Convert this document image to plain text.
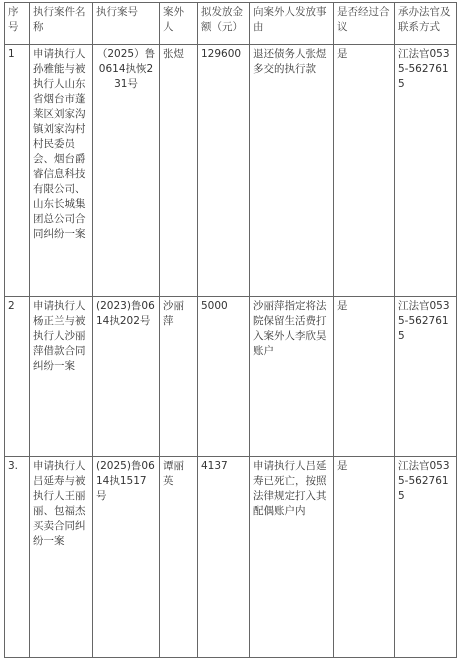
序号	执行案件名称	执行案号	案外人	拟发放金额（元）	向案外人发放事由	是否经过合议	承办法官及联系方式
1	申请执行人孙雅能与被执行人山东省烟台市蓬莱区刘家沟镇刘家沟村村民委员会、烟台爵睿信息科技有限公司、山东长城集团总公司合同纠纷一案	（2025）鲁0614执恢231号	张煜	129600	退还债务人张煜多交的执行款	是	江法官0535-5627615
2	申请执行人杨正兰与被执行人沙丽萍借款合同纠纷一案	(2023)鲁0614执202号	沙丽萍	5000	沙丽萍指定将法院保留生活费打入案外人李欣昊账户	是	江法官0535-5627615
3.	申请执行人吕延寿与被执行人王丽丽、包福杰买卖合同纠纷一案	(2025)鲁0614执1517号	谭丽英	4137	申请执行人吕延寿已死亡，按照法律规定打入其配偶账户内	是	江法官0535-5627615
